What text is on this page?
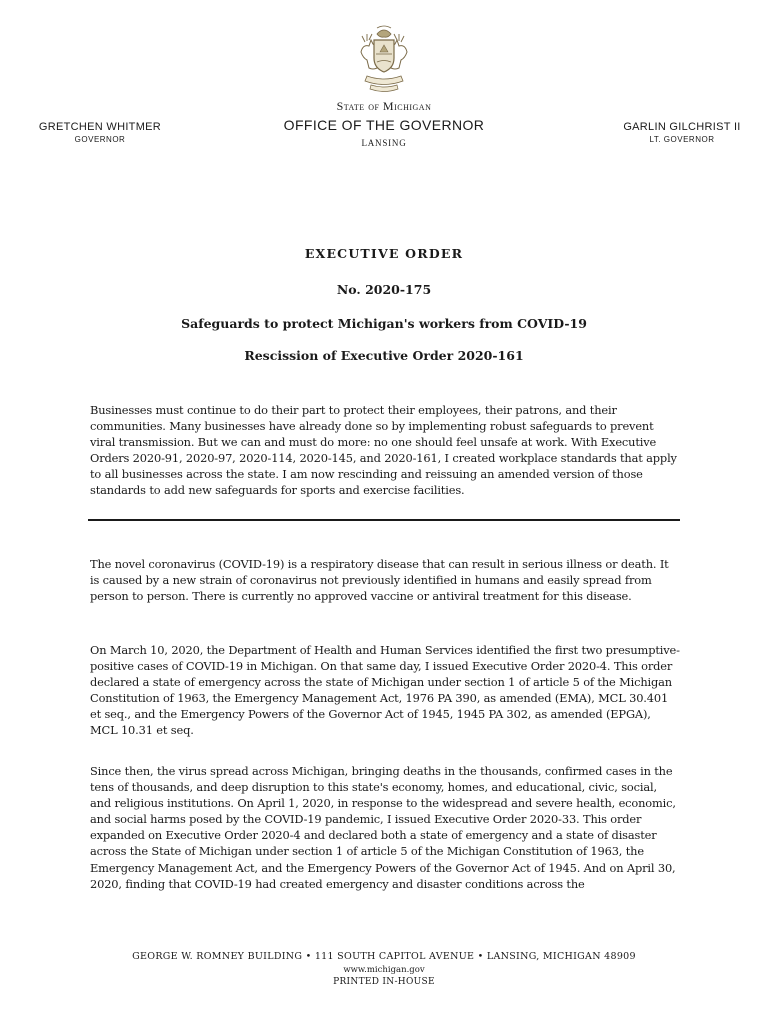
State of Michigan
OFFICE OF THE GOVERNOR
LANSING
GRETCHEN WHITMER
GOVERNOR
GARLIN GILCHRIST II
LT. GOVERNOR
EXECUTIVE ORDER
No. 2020-175
Safeguards to protect Michigan's workers from COVID-19
Rescission of Executive Order 2020-161

Businesses must continue to do their part to protect their employees, their patrons, and their communities. Many businesses have already done so by implementing robust safeguards to prevent viral transmission. But we can and must do more: no one should feel unsafe at work. With Executive Orders 2020-91, 2020-97, 2020-114, 2020-145, and 2020-161, I created workplace standards that apply to all businesses across the state. I am now rescinding and reissuing an amended version of those standards to add new safeguards for sports and exercise facilities.

The novel coronavirus (COVID-19) is a respiratory disease that can result in serious illness or death. It is caused by a new strain of coronavirus not previously identified in humans and easily spread from person to person. There is currently no approved vaccine or antiviral treatment for this disease.

On March 10, 2020, the Department of Health and Human Services identified the first two presumptive-positive cases of COVID-19 in Michigan. On that same day, I issued Executive Order 2020-4. This order declared a state of emergency across the state of Michigan under section 1 of article 5 of the Michigan Constitution of 1963, the Emergency Management Act, 1976 PA 390, as amended (EMA), MCL 30.401 et seq., and the Emergency Powers of the Governor Act of 1945, 1945 PA 302, as amended (EPGA), MCL 10.31 et seq.

Since then, the virus spread across Michigan, bringing deaths in the thousands, confirmed cases in the tens of thousands, and deep disruption to this state's economy, homes, and educational, civic, social, and religious institutions. On April 1, 2020, in response to the widespread and severe health, economic, and social harms posed by the COVID-19 pandemic, I issued Executive Order 2020-33. This order expanded on Executive Order 2020-4 and declared both a state of emergency and a state of disaster across the State of Michigan under section 1 of article 5 of the Michigan Constitution of 1963, the Emergency Management Act, and the Emergency Powers of the Governor Act of 1945. And on April 30, 2020, finding that COVID-19 had created emergency and disaster conditions across the

GEORGE W. ROMNEY BUILDING • 111 SOUTH CAPITOL AVENUE • LANSING, MICHIGAN 48909
www.michigan.gov
PRINTED IN-HOUSE
